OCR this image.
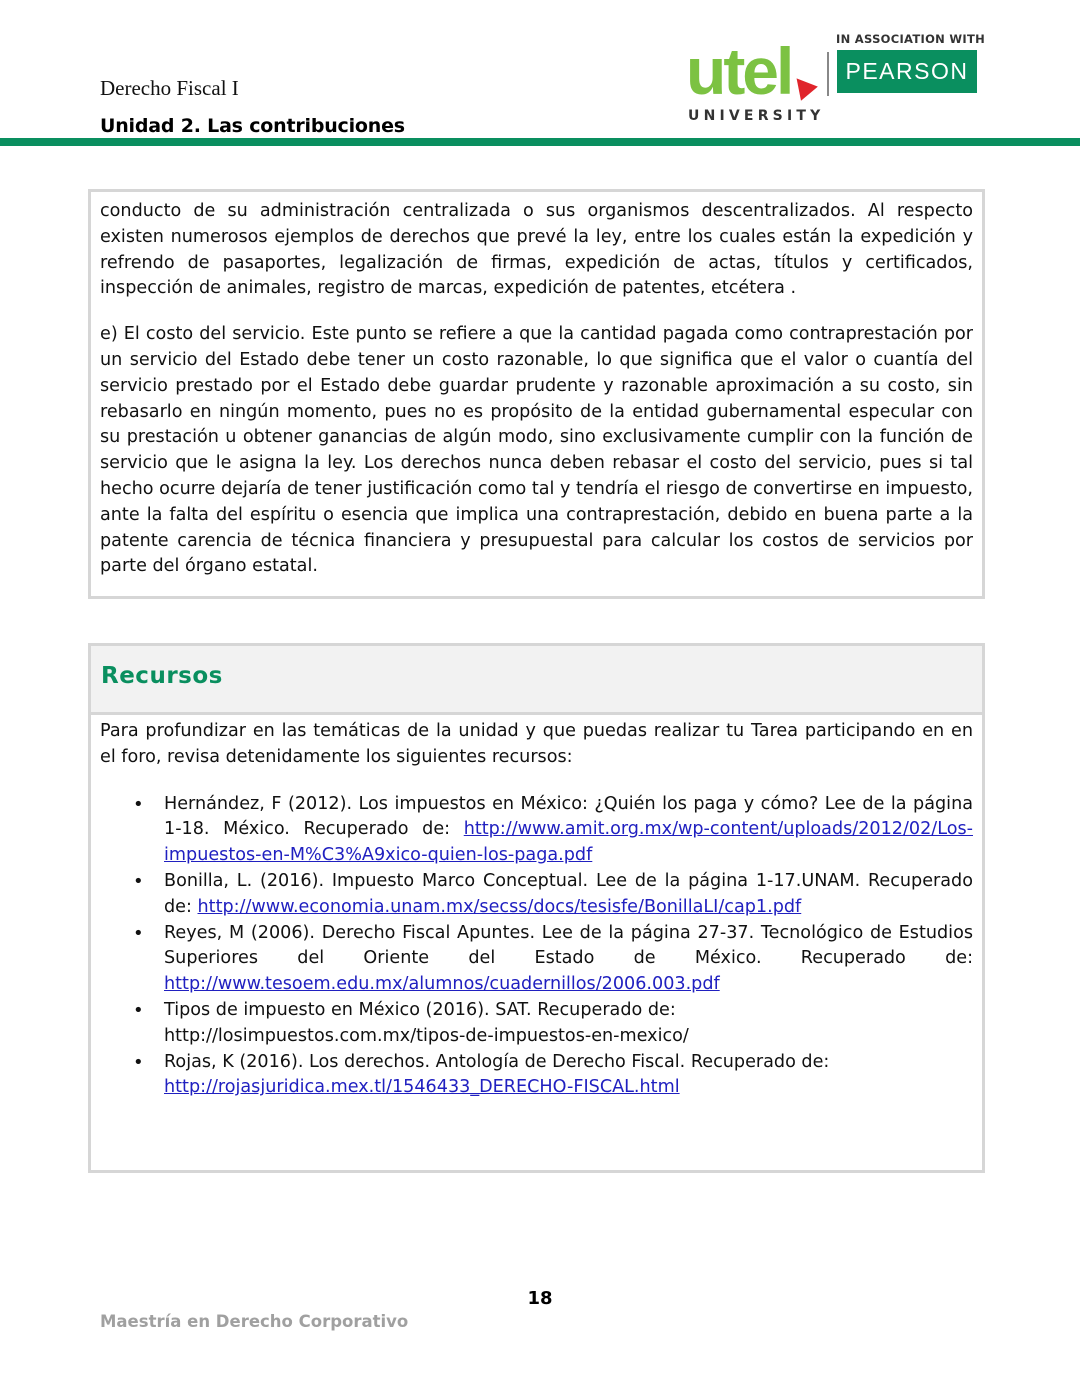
Derecho Fiscal I
Unidad 2. Las contribuciones
utel	IN ASSOCIATION WITH
PEARSON
UNIVERSITY

conducto de su administración centralizada o sus organismos descentralizados. Al respecto existen numerosos ejemplos de derechos que prevé la ley, entre los cuales están la expedición y refrendo de pasaportes, legalización de firmas, expedición de actas, títulos y certificados, inspección de animales, registro de marcas, expedición de patentes, etcétera .

e) El costo del servicio. Este punto se refiere a que la cantidad pagada como contraprestación por un servicio del Estado debe tener un costo razonable, lo que significa que el valor o cuantía del servicio prestado por el Estado debe guardar prudente y razonable aproximación a su costo, sin rebasarlo en ningún momento, pues no es propósito de la entidad gubernamental especular con su prestación u obtener ganancias de algún modo, sino exclusivamente cumplir con la función de servicio que le asigna la ley. Los derechos nunca deben rebasar el costo del servicio, pues si tal hecho ocurre dejaría de tener justificación como tal y tendría el riesgo de convertirse en impuesto, ante la falta del espíritu o esencia que implica una contraprestación, debido en buena parte a la patente carencia de técnica financiera y presupuestal para calcular los costos de servicios por parte del órgano estatal.

Recursos

Para profundizar en las temáticas de la unidad y que puedas realizar tu Tarea participando en en el foro, revisa detenidamente los siguientes recursos:

• Hernández, F (2012). Los impuestos en México: ¿Quién los paga y cómo? Lee de la página 1-18. México. Recuperado de: http://www.amit.org.mx/wp-content/uploads/2012/02/Los-impuestos-en-M%C3%A9xico-quien-los-paga.pdf
• Bonilla, L. (2016). Impuesto Marco Conceptual. Lee de la página 1-17.UNAM. Recuperado de: http://www.economia.unam.mx/secss/docs/tesisfe/BonillaLI/cap1.pdf
• Reyes, M (2006). Derecho Fiscal Apuntes. Lee de la página 27-37. Tecnológico de Estudios Superiores del Oriente del Estado de México. Recuperado de: http://www.tesoem.edu.mx/alumnos/cuadernillos/2006.003.pdf
• Tipos de impuesto en México (2016). SAT. Recuperado de: http://losimpuestos.com.mx/tipos-de-impuestos-en-mexico/
• Rojas, K (2016). Los derechos. Antología de Derecho Fiscal. Recuperado de:
http://rojasjuridica.mex.tl/1546433_DERECHO-FISCAL.html
18
Maestría en Derecho Corporativo
